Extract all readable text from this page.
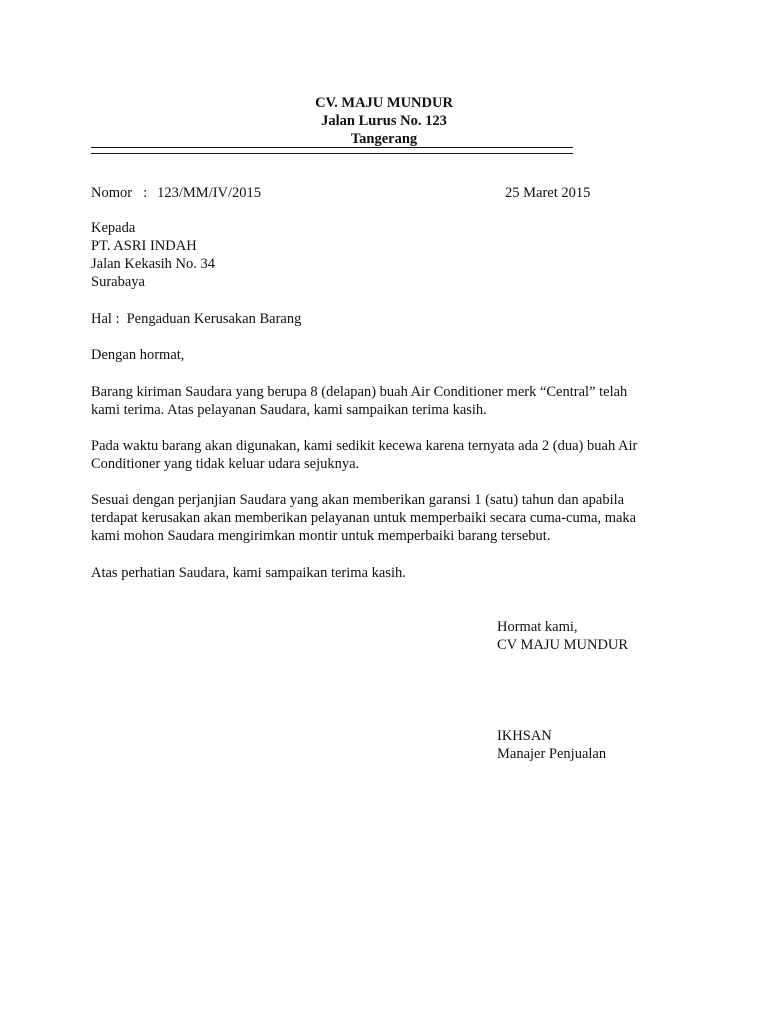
CV. MAJU MUNDUR
Jalan Lurus No. 123
Tangerang
Nomor : 123/MM/IV/2015	25 Maret 2015
Kepada
PT. ASRI INDAH
Jalan Kekasih No. 34
Surabaya
Hal : Pengaduan Kerusakan Barang
Dengan hormat,
Barang kiriman Saudara yang berupa 8 (delapan) buah Air Conditioner merk “Central” telah
kami terima. Atas pelayanan Saudara, kami sampaikan terima kasih.
Pada waktu barang akan digunakan, kami sedikit kecewa karena ternyata ada 2 (dua) buah Air
Conditioner yang tidak keluar udara sejuknya.
Sesuai dengan perjanjian Saudara yang akan memberikan garansi 1 (satu) tahun dan apabila
terdapat kerusakan akan memberikan pelayanan untuk memperbaiki secara cuma-cuma, maka
kami mohon Saudara mengirimkan montir untuk memperbaiki barang tersebut.
Atas perhatian Saudara, kami sampaikan terima kasih.
Hormat kami,
CV MAJU MUNDUR
IKHSAN
Manajer Penjualan
